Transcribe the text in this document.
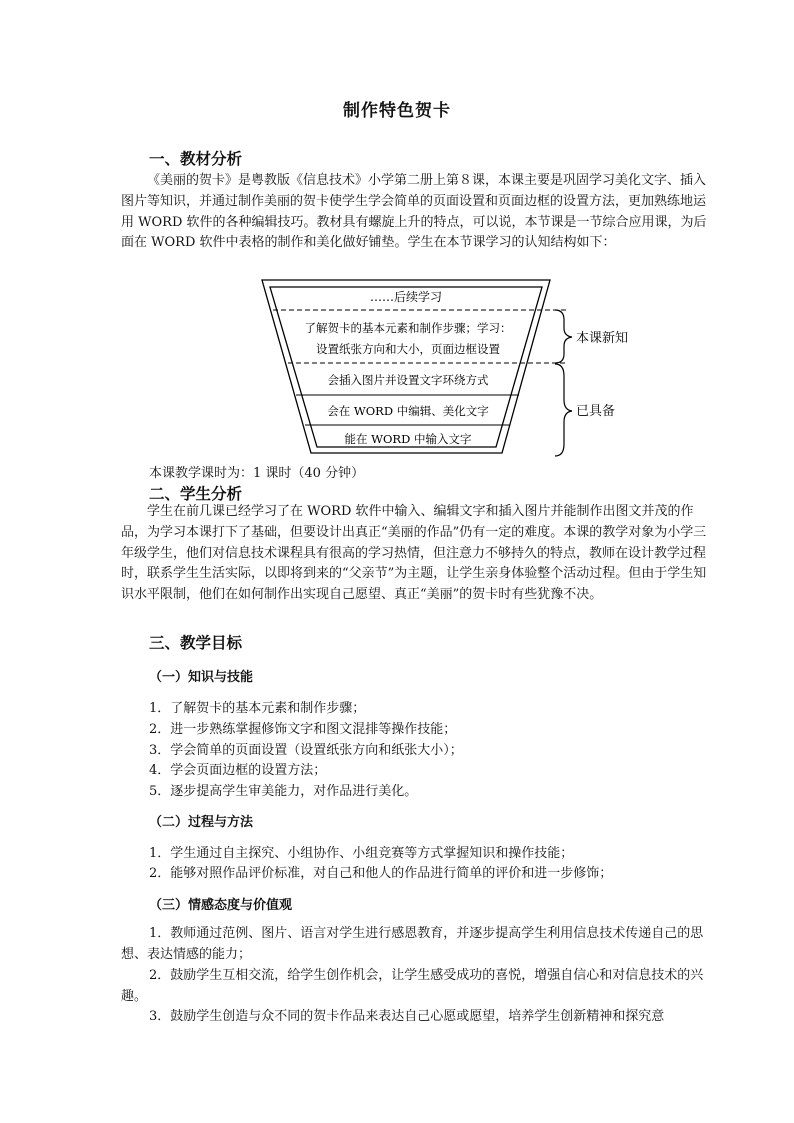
制作特色贺卡
一、教材分析

《美丽的贺卡》是粤教版《信息技术》小学第二册上第８课，本课主要是巩固学习美化文字、插入图片等知识，并通过制作美丽的贺卡使学生学会简单的页面设置和页面边框的设置方法，更加熟练地运用 WORD 软件的各种编辑技巧。教材具有螺旋上升的特点，可以说，本节课是一节综合应用课，为后面在 WORD 软件中表格的制作和美化做好铺垫。学生在本节课学习的认知结构如下：

……后续学习
了解贺卡的基本元素和制作步骤；学习：
设置纸张方向和大小，页面边框设置
会插入图片并设置文字环绕方式
会在 WORD 中编辑、美化文字
能在 WORD 中输入文字
本课新知
已具备
本课教学课时为：1 课时（40 分钟）
二、学生分析

学生在前几课已经学习了在 WORD 软件中输入、编辑文字和插入图片并能制作出图文并茂的作品，为学习本课打下了基础，但要设计出真正“美丽的作品”仍有一定的难度。本课的教学对象为小学三年级学生，他们对信息技术课程具有很高的学习热情，但注意力不够持久的特点，教师在设计教学过程时，联系学生生活实际，以即将到来的“父亲节”为主题，让学生亲身体验整个活动过程。但由于学生知识水平限制，他们在如何制作出实现自己愿望、真正“美丽”的贺卡时有些犹豫不决。

三、教学目标
（一）知识与技能
1．了解贺卡的基本元素和制作步骤；
2．进一步熟练掌握修饰文字和图文混排等操作技能；
3．学会简单的页面设置（设置纸张方向和纸张大小）；
4．学会页面边框的设置方法；
5．逐步提高学生审美能力，对作品进行美化。
（二）过程与方法
1．学生通过自主探究、小组协作、小组竞赛等方式掌握知识和操作技能；
2．能够对照作品评价标准，对自己和他人的作品进行简单的评价和进一步修饰；
（三）情感态度与价值观

1．教师通过范例、图片、语言对学生进行感恩教育，并逐步提高学生利用信息技术传递自己的思想、表达情感的能力；

2．鼓励学生互相交流，给学生创作机会，让学生感受成功的喜悦，增强自信心和对信息技术的兴趣。

3．鼓励学生创造与众不同的贺卡作品来表达自己心愿或愿望，培养学生创新精神和探究意
